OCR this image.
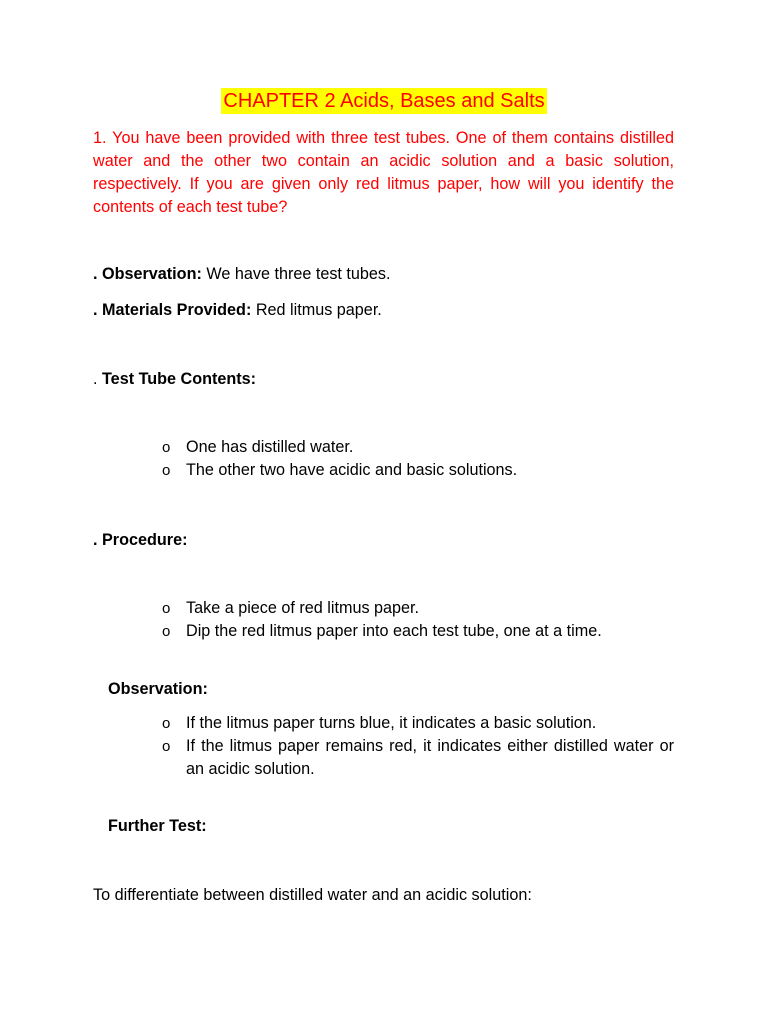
CHAPTER 2 Acids, Bases and Salts
1. You have been provided with three test tubes. One of them contains distilled water and the other two contain an acidic solution and a basic solution, respectively. If you are given only red litmus paper, how will you identify the contents of each test tube?
. Observation: We have three test tubes.
. Materials Provided: Red litmus paper.
. Test Tube Contents:
o One has distilled water.
o The other two have acidic and basic solutions.
. Procedure:
o Take a piece of red litmus paper.
o Dip the red litmus paper into each test tube, one at a time.
Observation:
o If the litmus paper turns blue, it indicates a basic solution.
o If the litmus paper remains red, it indicates either distilled water or an acidic solution.
Further Test:
To differentiate between distilled water and an acidic solution:
